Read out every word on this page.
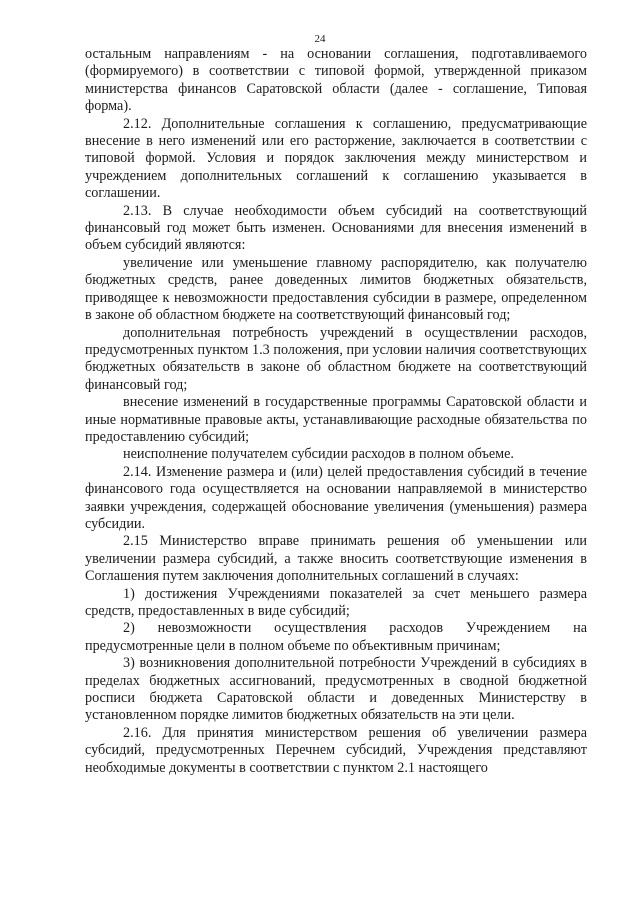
24

остальным направлениям - на основании соглашения, подготавливаемого (формируемого) в соответствии с типовой формой, утвержденной приказом министерства финансов Саратовской области (далее - соглашение, Типовая форма).

2.12. Дополнительные соглашения к соглашению, предусматривающие внесение в него изменений или его расторжение, заключается в соответствии с типовой формой. Условия и порядок заключения между министерством и учреждением дополнительных соглашений к соглашению указывается в соглашении.

2.13. В случае необходимости объем субсидий на соответствующий финансовый год может быть изменен. Основаниями для внесения изменений в объем субсидий являются:

увеличение или уменьшение главному распорядителю, как получателю бюджетных средств, ранее доведенных лимитов бюджетных обязательств, приводящее к невозможности предоставления субсидии в размере, определенном в законе об областном бюджете на соответствующий финансовый год;

дополнительная потребность учреждений в осуществлении расходов, предусмотренных пунктом 1.3 положения, при условии наличия соответствующих бюджетных обязательств в законе об областном бюджете на соответствующий финансовый год;

внесение изменений в государственные программы Саратовской области и иные нормативные правовые акты, устанавливающие расходные обязательства по предоставлению субсидий;

неисполнение получателем субсидии расходов в полном объеме.

2.14. Изменение размера и (или) целей предоставления субсидий в течение финансового года осуществляется на основании направляемой в министерство заявки учреждения, содержащей обоснование увеличения (уменьшения) размера субсидии.

2.15 Министерство вправе принимать решения об уменьшении или увеличении размера субсидий, а также вносить соответствующие изменения в Соглашения путем заключения дополнительных соглашений в случаях:

1) достижения Учреждениями показателей за счет меньшего размера средств, предоставленных в виде субсидий;

2) невозможности осуществления расходов Учреждением на предусмотренные цели в полном объеме по объективным причинам;

3) возникновения дополнительной потребности Учреждений в субсидиях в пределах бюджетных ассигнований, предусмотренных в сводной бюджетной росписи бюджета Саратовской области и доведенных Министерству в установленном порядке лимитов бюджетных обязательств на эти цели.

2.16. Для принятия министерством решения об увеличении размера субсидий, предусмотренных Перечнем субсидий, Учреждения представляют необходимые документы в соответствии с пунктом 2.1 настоящего
